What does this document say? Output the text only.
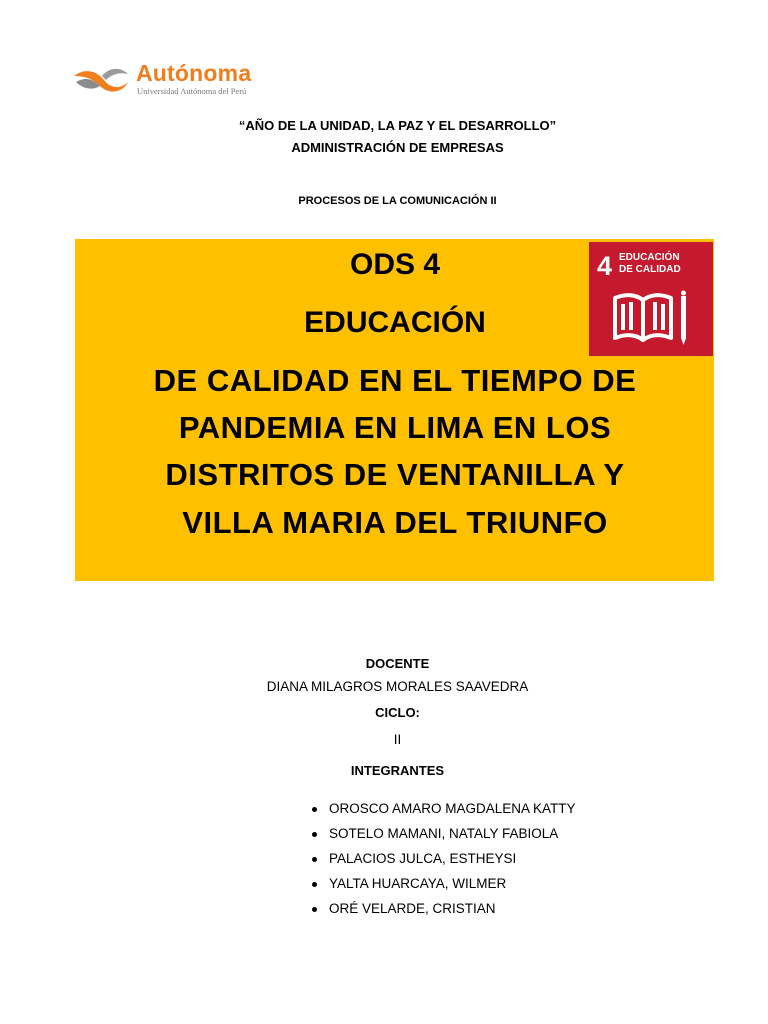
Autónoma
Universidad Autónoma del Perú
“AÑO DE LA UNIDAD, LA PAZ Y EL DESARROLLO”
ADMINISTRACIÓN DE EMPRESAS
PROCESOS DE LA COMUNICACIÓN II
ODS 4
EDUCACIÓN
DE CALIDAD EN EL TIEMPO DE
PANDEMIA EN LIMA EN LOS
DISTRITOS DE VENTANILLA Y
VILLA MARIA DEL TRIUNFO
4 EDUCACIÓN
DE CALIDAD
DOCENTE
DIANA MILAGROS MORALES SAAVEDRA
CICLO:
II
INTEGRANTES
OROSCO AMARO MAGDALENA KATTY
SOTELO MAMANI, NATALY FABIOLA
PALACIOS JULCA, ESTHEYSI
YALTA HUARCAYA, WILMER
ORÉ VELARDE, CRISTIAN
